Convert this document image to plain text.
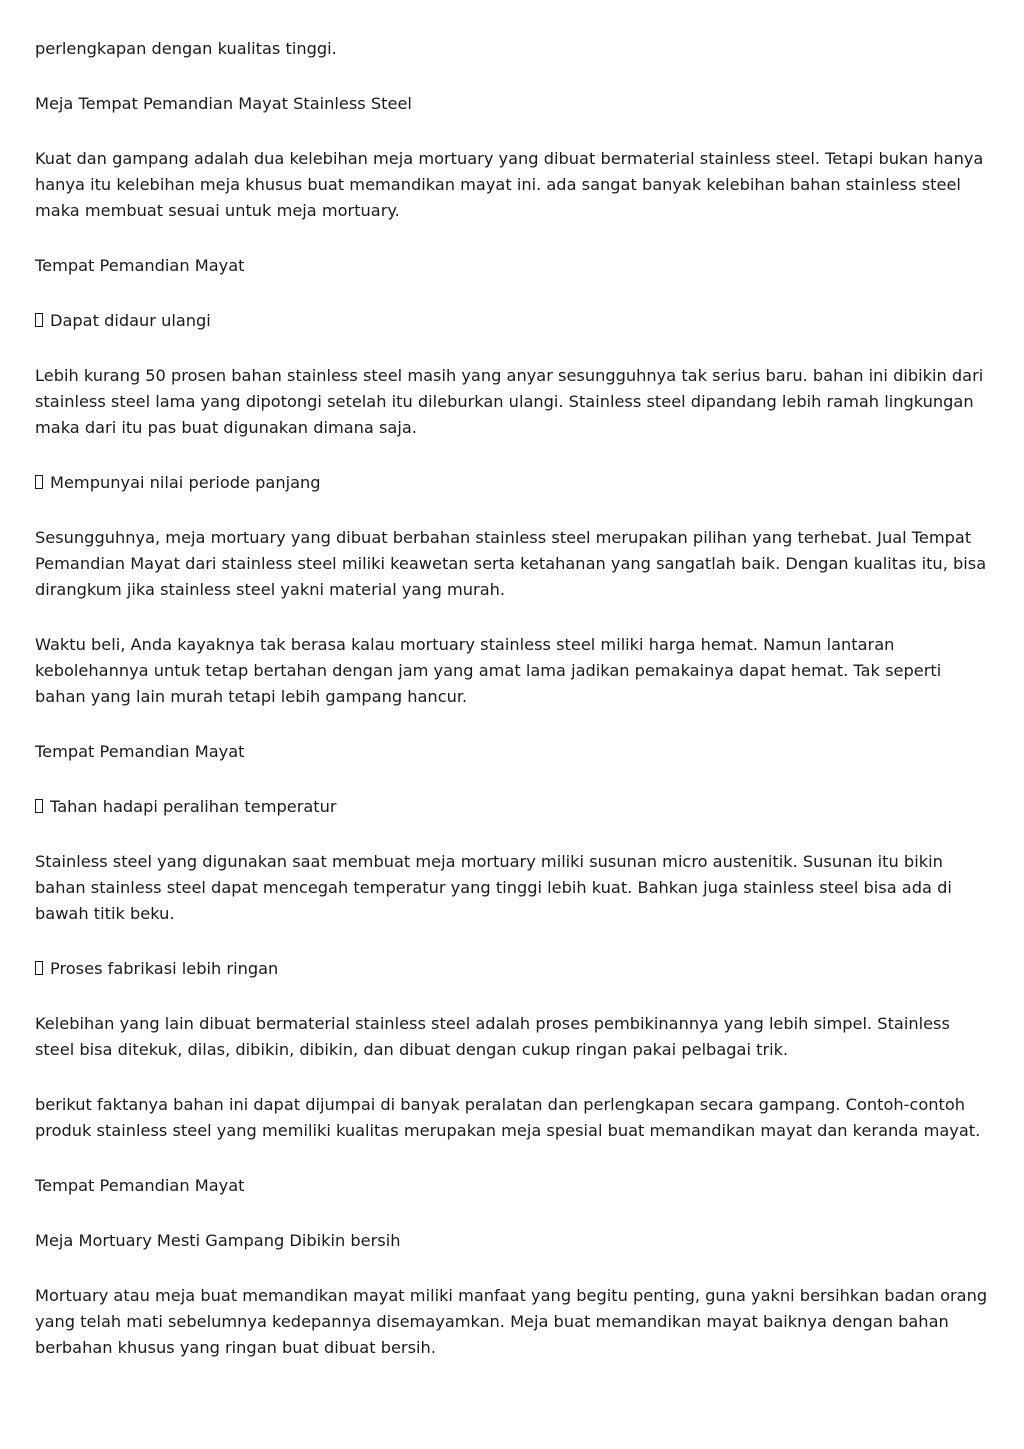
perlengkapan dengan kualitas tinggi.

Meja Tempat Pemandian Mayat Stainless Steel

Kuat dan gampang adalah dua kelebihan meja mortuary yang dibuat bermaterial stainless steel. Tetapi bukan hanya hanya itu kelebihan meja khusus buat memandikan mayat ini. ada sangat banyak kelebihan bahan stainless steel maka membuat sesuai untuk meja mortuary.

Tempat Pemandian Mayat

Dapat didaur ulangi

Lebih kurang 50 prosen bahan stainless steel masih yang anyar sesungguhnya tak serius baru. bahan ini dibikin dari stainless steel lama yang dipotongi setelah itu dileburkan ulangi. Stainless steel dipandang lebih ramah lingkungan maka dari itu pas buat digunakan dimana saja.

Mempunyai nilai periode panjang

Sesungguhnya, meja mortuary yang dibuat berbahan stainless steel merupakan pilihan yang terhebat. Jual Tempat Pemandian Mayat dari stainless steel miliki keawetan serta ketahanan yang sangatlah baik. Dengan kualitas itu, bisa dirangkum jika stainless steel yakni material yang murah.

Waktu beli, Anda kayaknya tak berasa kalau mortuary stainless steel miliki harga hemat. Namun lantaran kebolehannya untuk tetap bertahan dengan jam yang amat lama jadikan pemakainya dapat hemat. Tak seperti bahan yang lain murah tetapi lebih gampang hancur.

Tempat Pemandian Mayat

Tahan hadapi peralihan temperatur

Stainless steel yang digunakan saat membuat meja mortuary miliki susunan micro austenitik. Susunan itu bikin bahan stainless steel dapat mencegah temperatur yang tinggi lebih kuat. Bahkan juga stainless steel bisa ada di bawah titik beku.

Proses fabrikasi lebih ringan

Kelebihan yang lain dibuat bermaterial stainless steel adalah proses pembikinannya yang lebih simpel. Stainless steel bisa ditekuk, dilas, dibikin, dibikin, dan dibuat dengan cukup ringan pakai pelbagai trik.

berikut faktanya bahan ini dapat dijumpai di banyak peralatan dan perlengkapan secara gampang. Contoh-contoh produk stainless steel yang memiliki kualitas merupakan meja spesial buat memandikan mayat dan keranda mayat.

Tempat Pemandian Mayat

Meja Mortuary Mesti Gampang Dibikin bersih

Mortuary atau meja buat memandikan mayat miliki manfaat yang begitu penting, guna yakni bersihkan badan orang yang telah mati sebelumnya kedepannya disemayamkan. Meja buat memandikan mayat baiknya dengan bahan berbahan khusus yang ringan buat dibuat bersih.
